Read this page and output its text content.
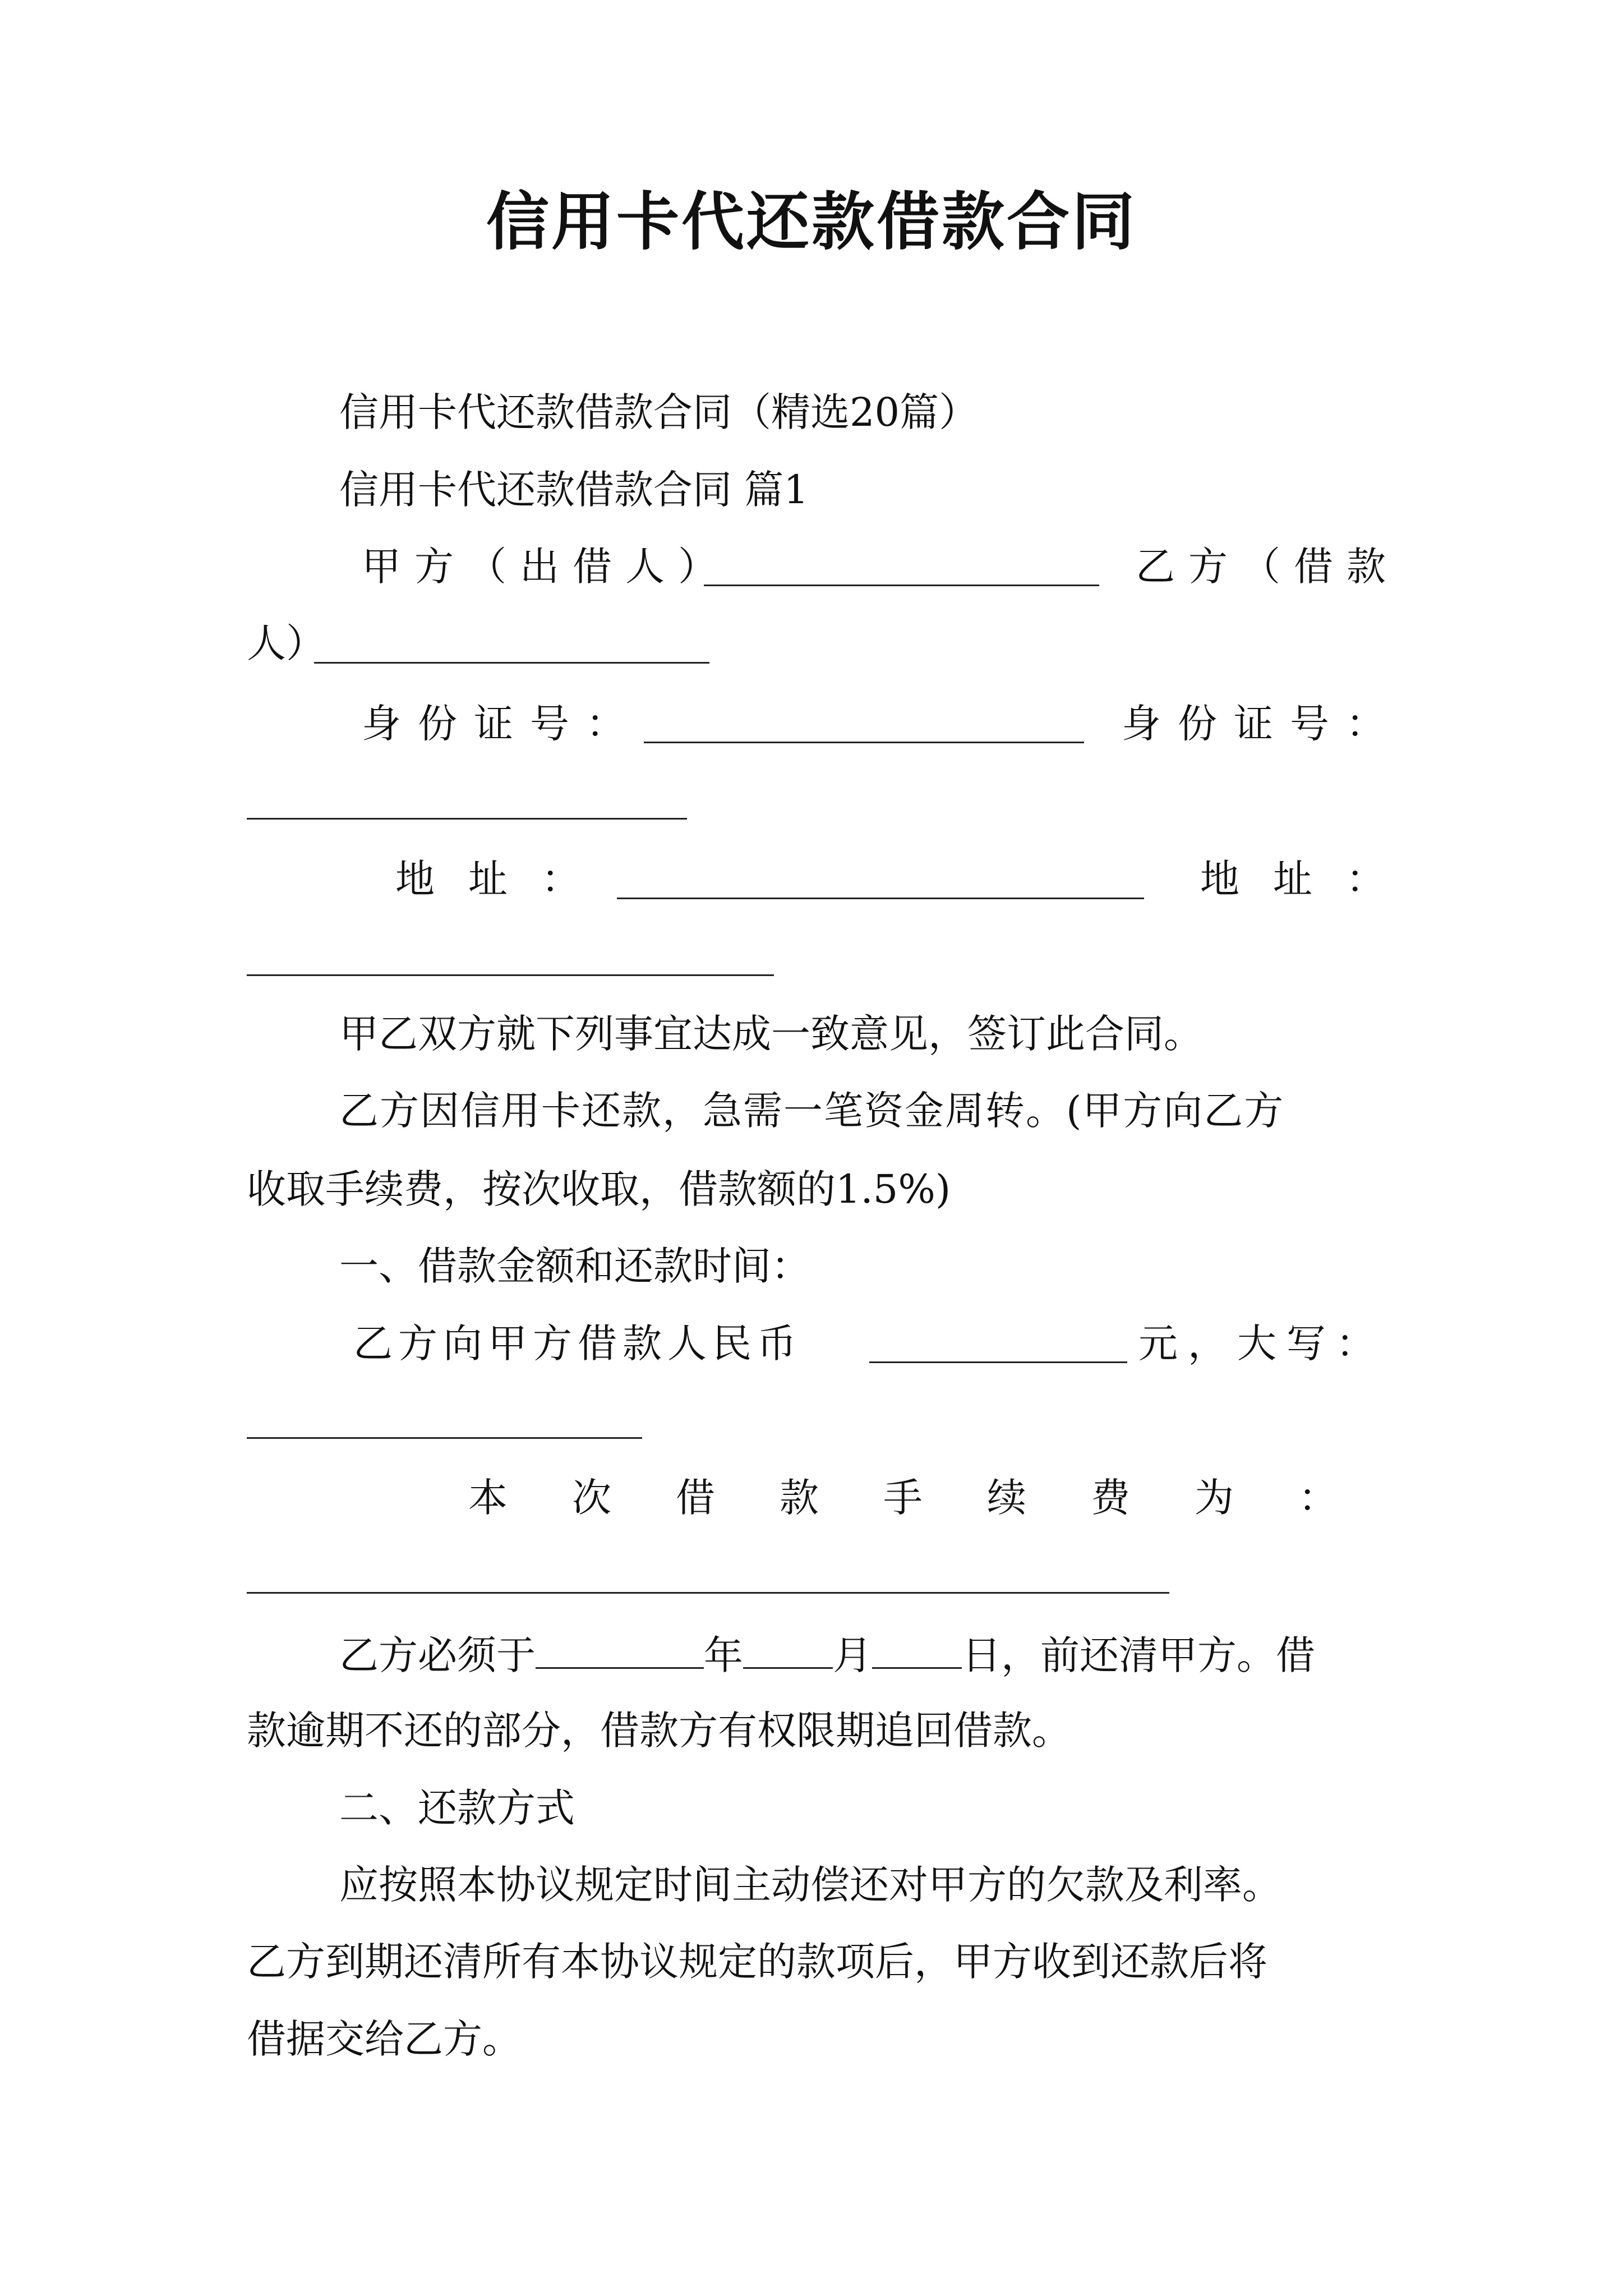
信用卡代还款借款合同
信用卡代还款借款合同（精选20篇）
信用卡代还款借款合同 篇1
甲方（出借人）	乙方（借款
人）
身份证号：	身份证号：
地址：	地址：
甲乙双方就下列事宜达成一致意见，签订此合同。
乙方因信用卡还款，急需一笔资金周转。(甲方向乙方
收取手续费，按次收取，借款额的1.5%)
一、借款金额和还款时间：
乙方向甲方借款人民币	元，大写：
本次借款手续费为：
乙方必须于	年 月 日，前还清甲方。借
款逾期不还的部分，借款方有权限期追回借款。
二、还款方式
应按照本协议规定时间主动偿还对甲方的欠款及利率。
乙方到期还清所有本协议规定的款项后，甲方收到还款后将
借据交给乙方。
